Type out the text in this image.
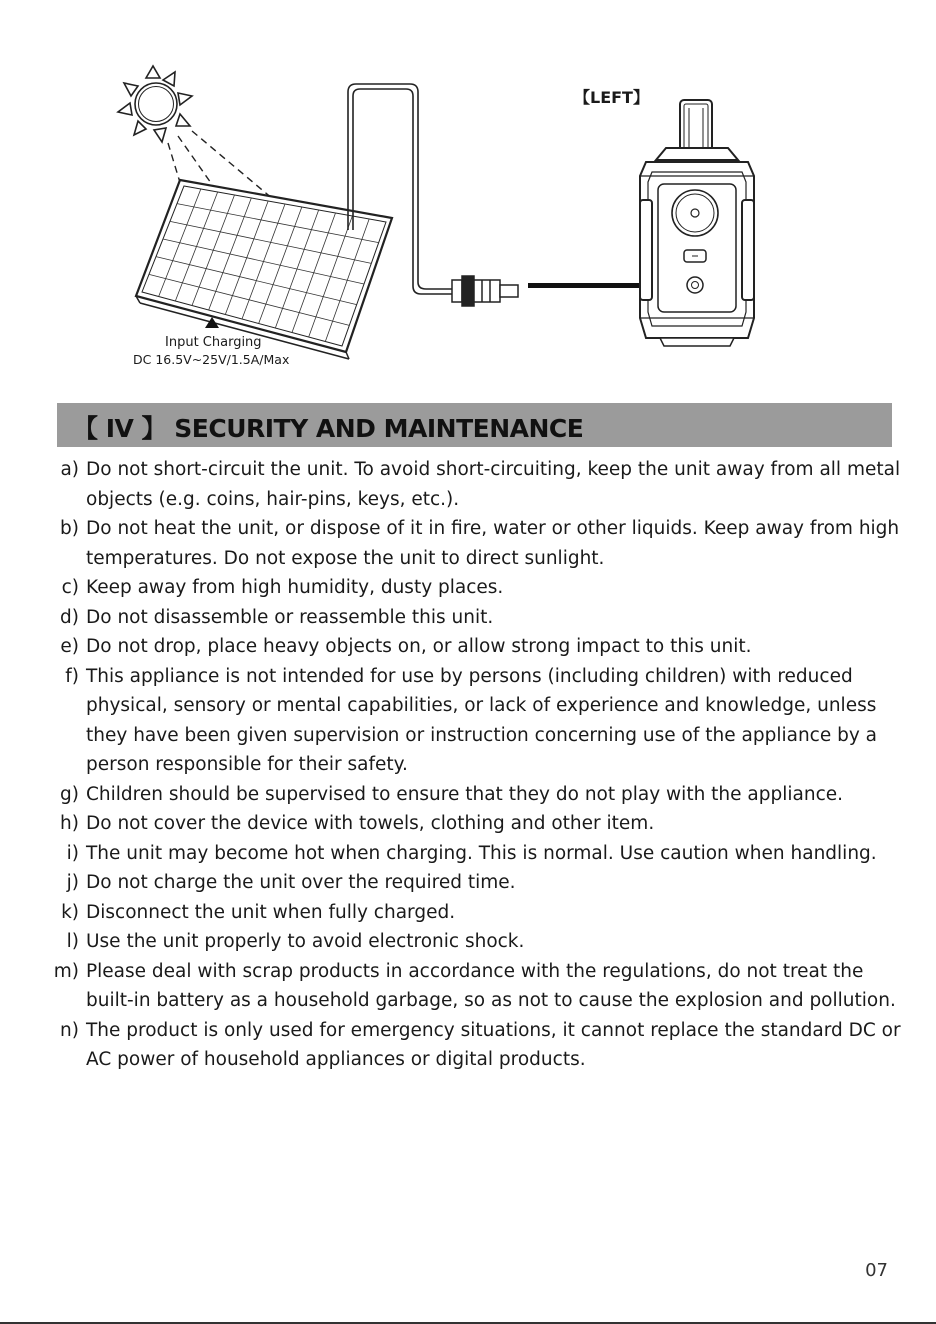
【LEFT】
Input Charging
DC 16.5V~25V/1.5A/Max
【 IV 】 SECURITY AND MAINTENANCE
a) Do not short-circuit the unit. To avoid short-circuiting, keep the unit away from all metal objects (e.g. coins, hair-pins, keys, etc.).
b) Do not heat the unit, or dispose of it in fire, water or other liquids. Keep away from high temperatures. Do not expose the unit to direct sunlight.
c) Keep away from high humidity, dusty places.
d) Do not disassemble or reassemble this unit.
e) Do not drop, place heavy objects on, or allow strong impact to this unit.
f) This appliance is not intended for use by persons (including children) with reduced physical, sensory or mental capabilities, or lack of experience and knowledge, unless they have been given supervision or instruction concerning use of the appliance by a person responsible for their safety.
g) Children should be supervised to ensure that they do not play with the appliance.
h) Do not cover the device with towels, clothing and other item.
i) The unit may become hot when charging. This is normal. Use caution when handling.
j) Do not charge the unit over the required time.
k) Disconnect the unit when fully charged.
l) Use the unit properly to avoid electronic shock.
m) Please deal with scrap products in accordance with the regulations, do not treat the built-in battery as a household garbage, so as not to cause the explosion and pollution.
n) The product is only used for emergency situations, it cannot replace the standard DC or AC power of household appliances or digital products.
07
